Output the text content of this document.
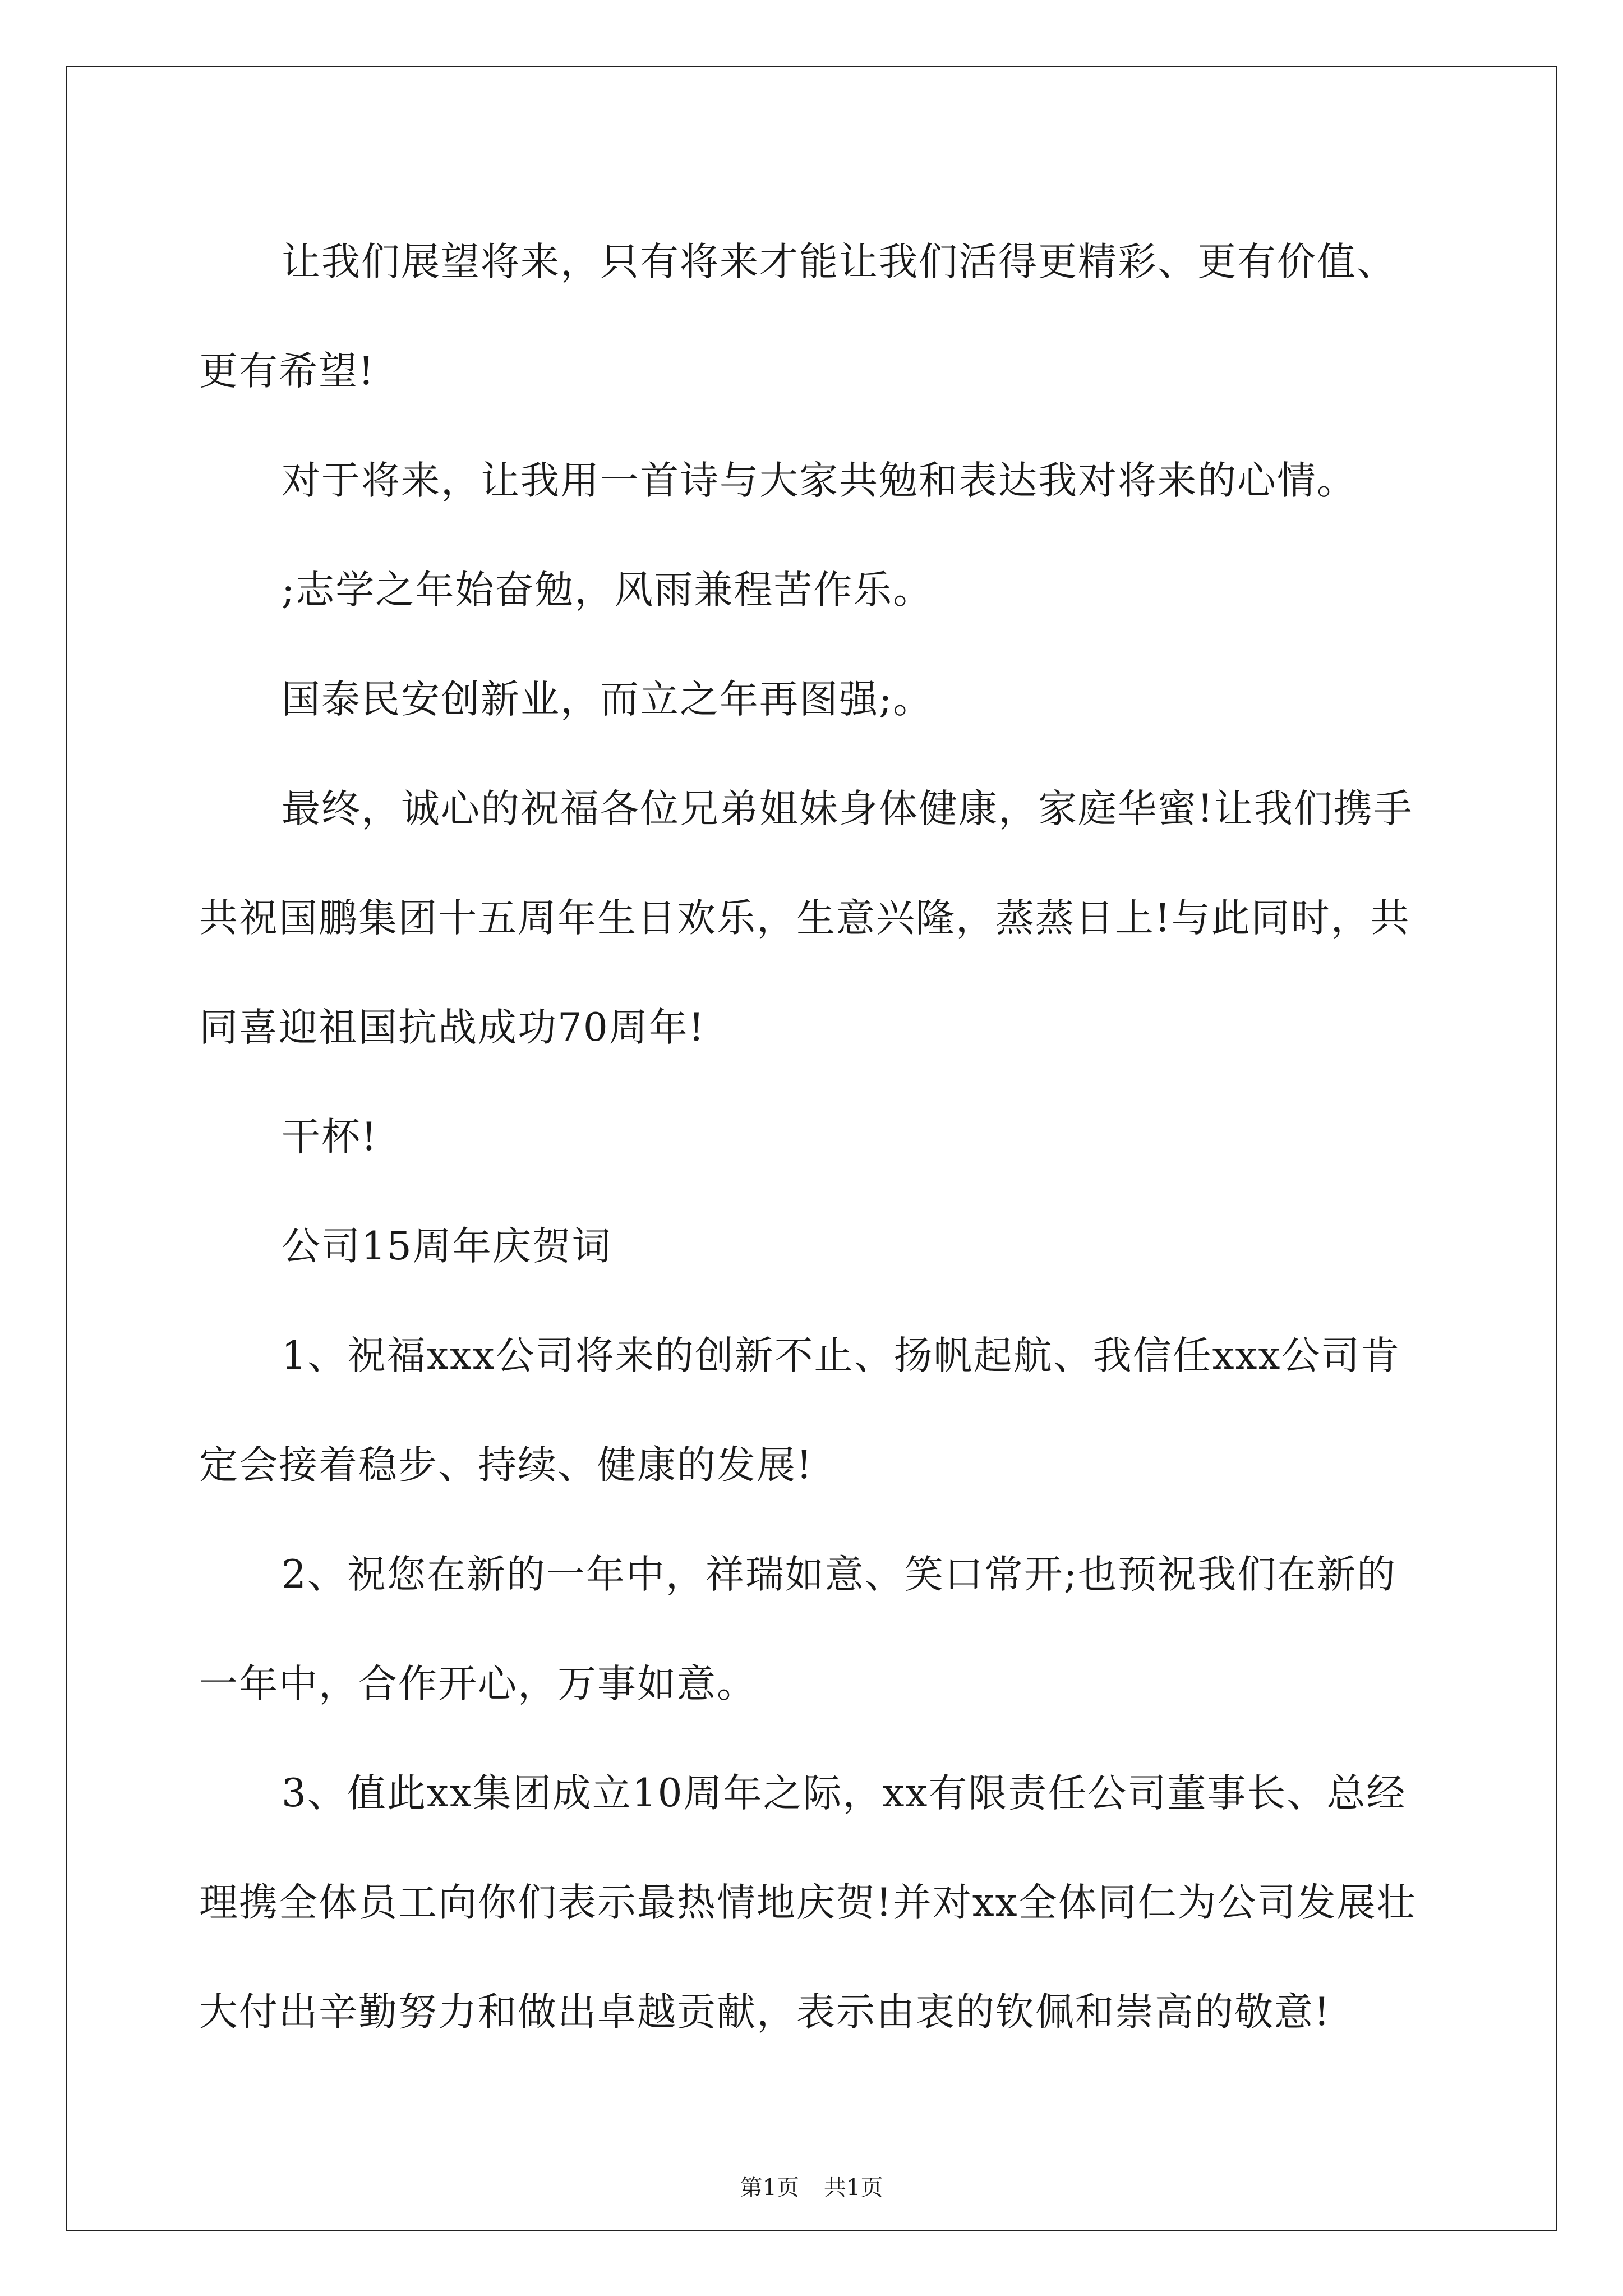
让我们展望将来，只有将来才能让我们活得更精彩、更有价值、更有希望!

对于将来，让我用一首诗与大家共勉和表达我对将来的心情。

;志学之年始奋勉，风雨兼程苦作乐。

国泰民安创新业，而立之年再图强;。

最终，诚心的祝福各位兄弟姐妹身体健康，家庭华蜜!让我们携手共祝国鹏集团十五周年生日欢乐，生意兴隆，蒸蒸日上!与此同时，共同喜迎祖国抗战成功70周年!

干杯!

公司15周年庆贺词

1、祝福xxx公司将来的创新不止、扬帆起航、我信任xxx公司肯定会接着稳步、持续、健康的发展!

2、祝您在新的一年中，祥瑞如意、笑口常开;也预祝我们在新的一年中，合作开心，万事如意。

3、值此xx集团成立10周年之际，xx有限责任公司董事长、总经理携全体员工向你们表示最热情地庆贺!并对xx全体同仁为公司发展壮大付出辛勤努力和做出卓越贡献，表示由衷的钦佩和崇高的敬意!

第1页 共1页
